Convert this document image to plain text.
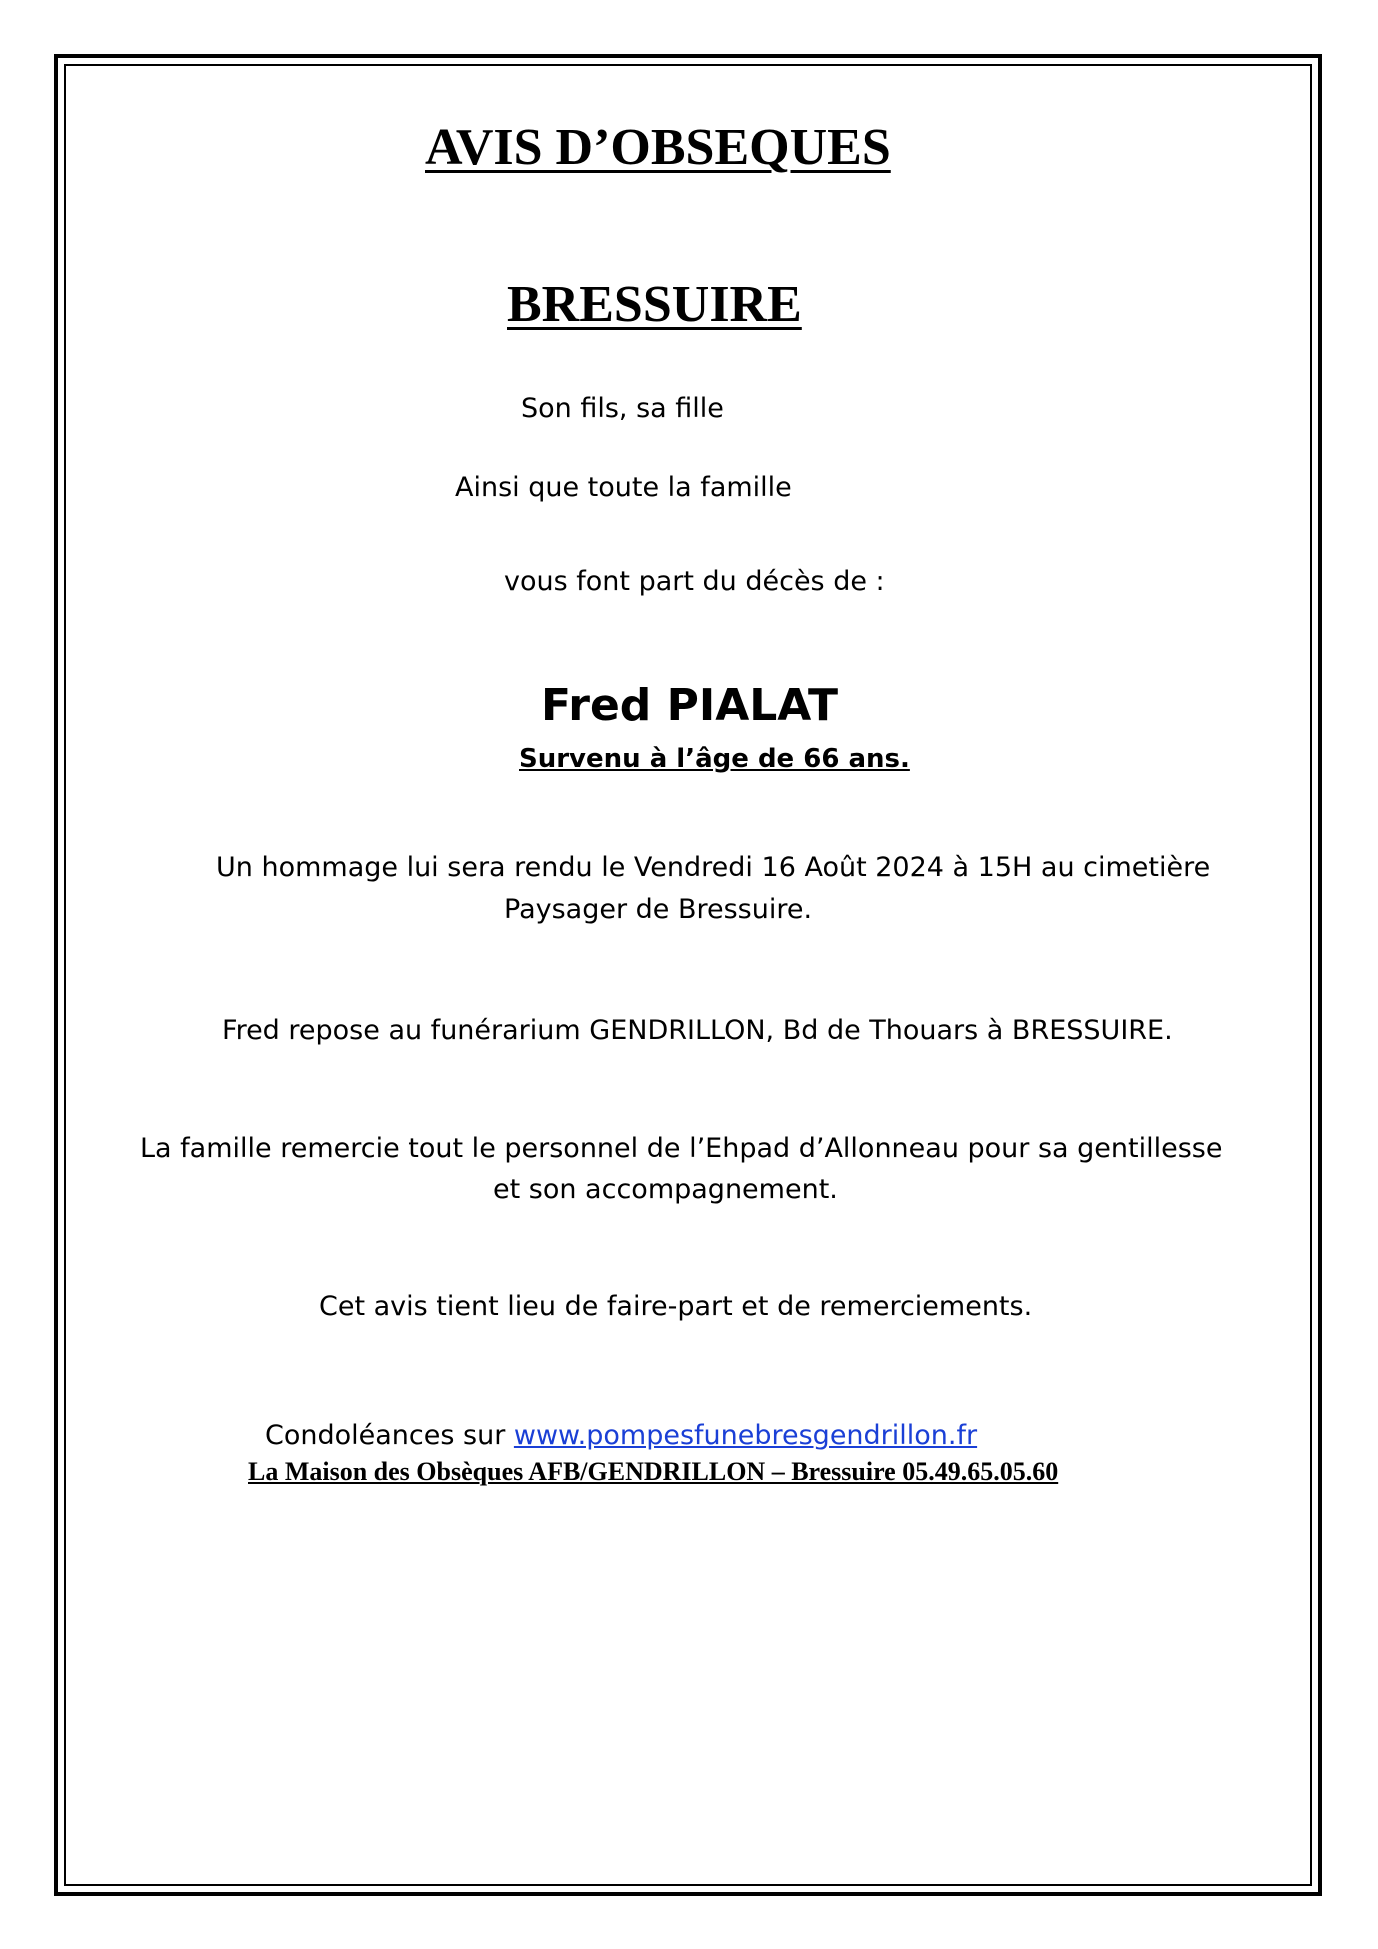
AVIS D’OBSEQUES
BRESSUIRE
Son fils, sa fille
Ainsi que toute la famille
vous font part du décès de :
Fred PIALAT
Survenu à l’âge de 66 ans.
Un hommage lui sera rendu le Vendredi 16 Août 2024 à 15H au cimetière
Paysager de Bressuire.
Fred repose au funérarium GENDRILLON, Bd de Thouars à BRESSUIRE.
La famille remercie tout le personnel de l’Ehpad d’Allonneau pour sa gentillesse
et son accompagnement.
Cet avis tient lieu de faire-part et de remerciements.
Condoléances sur www.pompesfunebresgendrillon.fr
La Maison des Obsèques AFB/GENDRILLON – Bressuire 05.49.65.05.60
